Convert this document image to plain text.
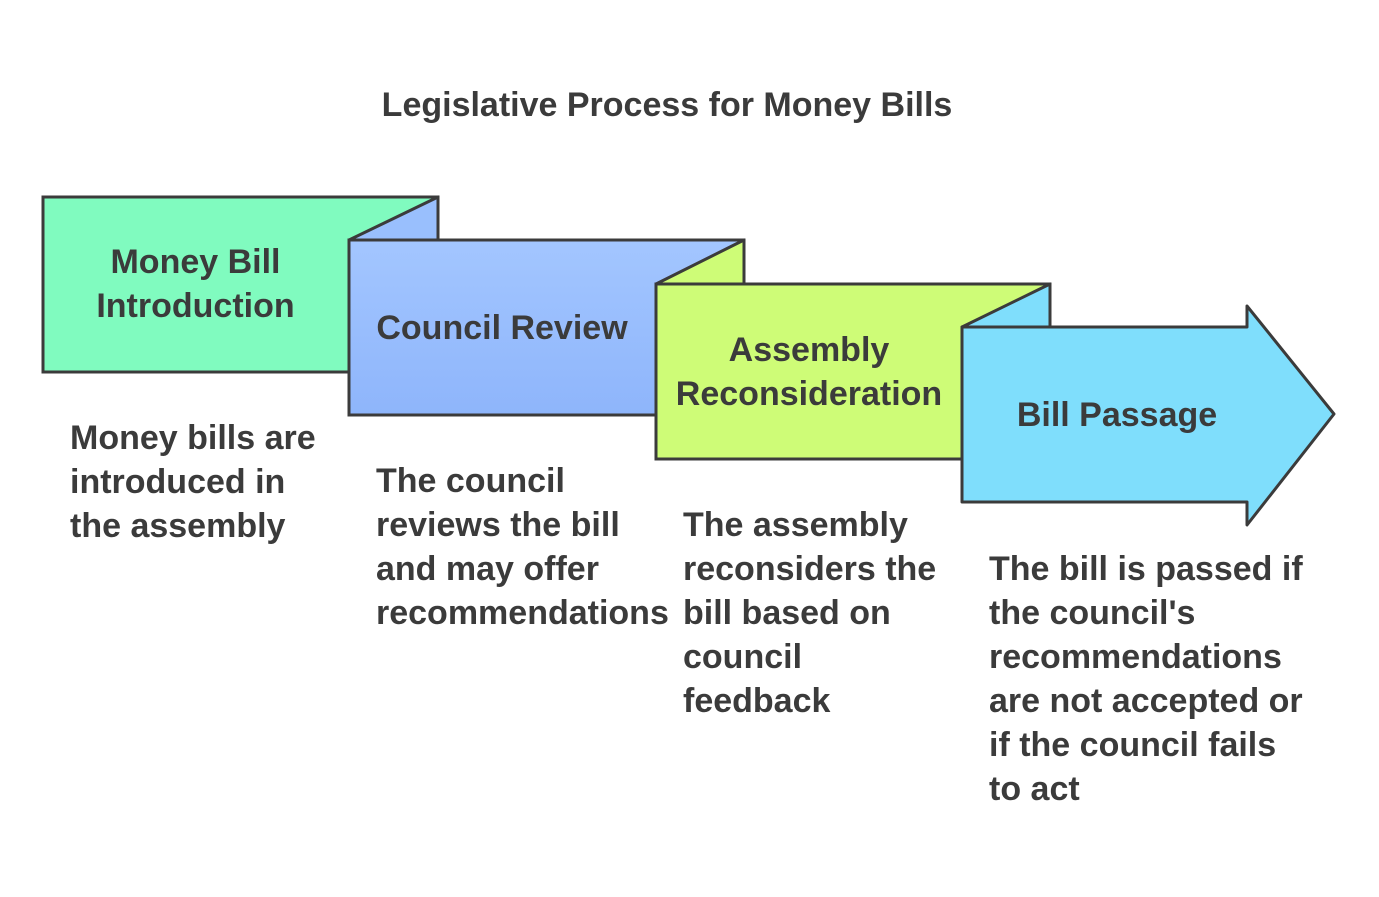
Legislative Process for Money Bills
Money Bill
Introduction
Council Review
Assembly
Reconsideration
Bill Passage
Money bills are
introduced in
the assembly
The council
reviews the bill
and may offer
recommendations
The assembly
reconsiders the
bill based on
council
feedback
The bill is passed if
the council's
recommendations
are not accepted or
if the council fails
to act
